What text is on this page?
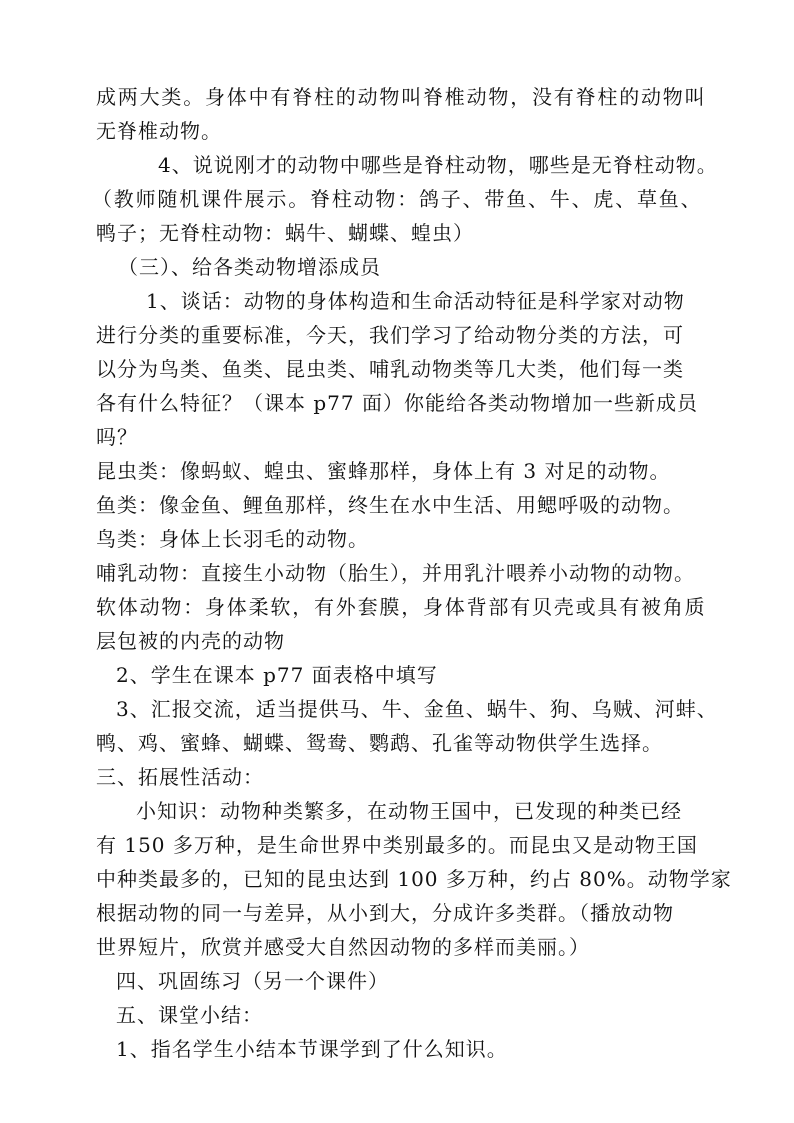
成两大类。身体中有脊柱的动物叫脊椎动物，没有脊柱的动物叫
无脊椎动物。
4、说说刚才的动物中哪些是脊柱动物，哪些是无脊柱动物。
（教师随机课件展示。脊柱动物：鸽子、带鱼、牛、虎、草鱼、
鸭子；无脊柱动物：蜗牛、蝴蝶、蝗虫）
（三）、给各类动物增添成员
1、谈话：动物的身体构造和生命活动特征是科学家对动物
进行分类的重要标准，今天，我们学习了给动物分类的方法，可
以分为鸟类、鱼类、昆虫类、哺乳动物类等几大类，他们每一类
各有什么特征？（课本 p77 面）你能给各类动物增加一些新成员
吗？
昆虫类：像蚂蚁、蝗虫、蜜蜂那样，身体上有 3 对足的动物。
鱼类：像金鱼、鲤鱼那样，终生在水中生活、用鳃呼吸的动物。
鸟类：身体上长羽毛的动物。
哺乳动物：直接生小动物（胎生），并用乳汁喂养小动物的动物。
软体动物：身体柔软，有外套膜，身体背部有贝壳或具有被角质
层包被的内壳的动物
2、学生在课本 p77 面表格中填写
3、汇报交流，适当提供马、牛、金鱼、蜗牛、狗、乌贼、河蚌、
鸭、鸡、蜜蜂、蝴蝶、鸳鸯、鹦鹉、孔雀等动物供学生选择。
三、拓展性活动：
小知识：动物种类繁多，在动物王国中，已发现的种类已经
有 150 多万种，是生命世界中类别最多的。而昆虫又是动物王国
中种类最多的，已知的昆虫达到 100 多万种，约占 80%。动物学家
根据动物的同一与差异，从小到大，分成许多类群。（播放动物
世界短片，欣赏并感受大自然因动物的多样而美丽。）
四、巩固练习（另一个课件）
五、课堂小结：
1、指名学生小结本节课学到了什么知识。
